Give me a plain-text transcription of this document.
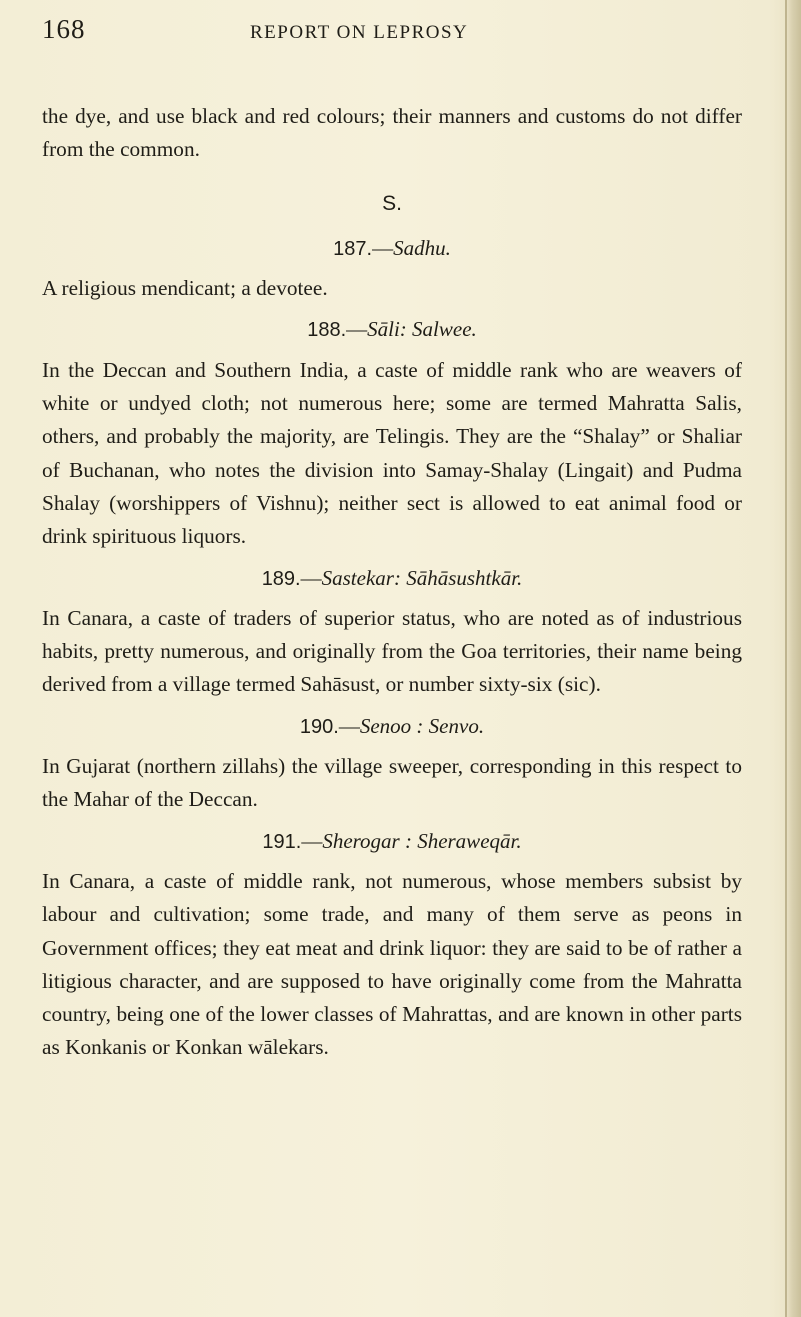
168	REPORT ON LEPROSY

the dye, and use black and red colours; their manners and customs do not differ from the common.

S.
187.—Sadhu.

A religious mendicant; a devotee.

188.—Sāli: Salwee.

In the Deccan and Southern India, a caste of middle rank who are weavers of white or undyed cloth; not numerous here; some are termed Mahratta Salis, others, and probably the majority, are Telingis. They are the “Shalay” or Shaliar of Buchanan, who notes the division into Samay-Shalay (Lingait) and Pudma Shalay (worshippers of Vishnu); neither sect is allowed to eat animal food or drink spirituous liquors.

189.—Sastekar: Sāhāsushtkār.

In Canara, a caste of traders of superior status, who are noted as of industrious habits, pretty numerous, and originally from the Goa territories, their name being derived from a village termed Sahāsust, or number sixty-six (sic).

190.—Senoo : Senvo.

In Gujarat (northern zillahs) the village sweeper, corresponding in this respect to the Mahar of the Deccan.

191.—Sherogar : Sheraweqār.

In Canara, a caste of middle rank, not numerous, whose members subsist by labour and cultivation; some trade, and many of them serve as peons in Government offices; they eat meat and drink liquor: they are said to be of rather a litigious character, and are supposed to have originally come from the Mahratta country, being one of the lower classes of Mahrattas, and are known in other parts as Konkanis or Konkan wālekars.
